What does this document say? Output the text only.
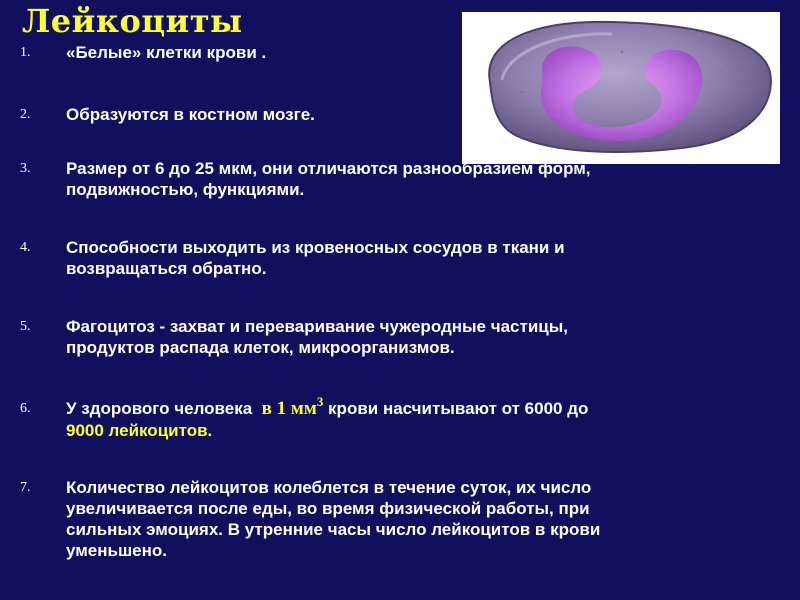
Лейкоциты
1.	«Белые» клетки крови .
2.	Образуются в костном мозге.
3.	Размер от 6 до 25 мкм, они отличаются разнообразием форм,
подвижностью, функциями.
4.	Способности выходить из кровеносных сосудов в ткани и
возвращаться обратно.
5.	Фагоцитоз - захват и переваривание чужеродные частицы,
продуктов распада клеток, микроорганизмов.
6.	У здорового человека в 1 $мм^3$ крови насчитывают от 6000 до
9000 лейкоцитов.
7.	Количество лейкоцитов колеблется в течение суток, их число
увеличивается после еды, во время физической работы, при
сильных эмоциях. В утренние часы число лейкоцитов в крови
уменьшено.
